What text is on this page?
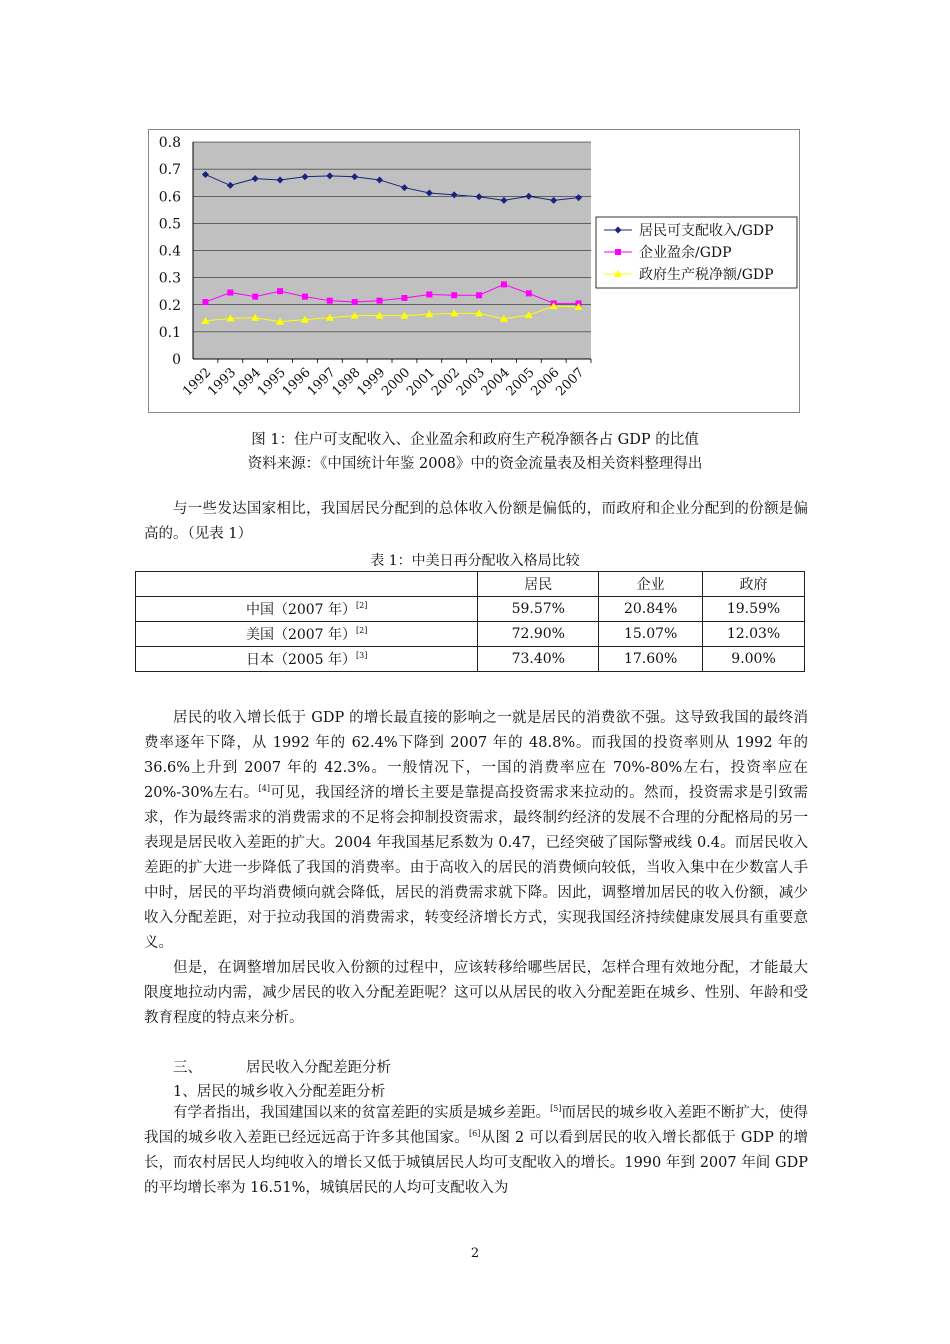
0
0.1
0.2
0.3
0.4
0.5
0.6
0.7
0.8
1992
1993
1994
1995
1996
1997
1998
1999
2000
2001
2002
2003
2004
2005
2006
2007
居民可支配收入/GDP
企业盈余/GDP
政府生产税净额/GDP
图 1：住户可支配收入、企业盈余和政府生产税净额各占 GDP 的比值
资料来源：《中国统计年鉴 2008》中的资金流量表及相关资料整理得出

与一些发达国家相比，我国居民分配到的总体收入份额是偏低的，而政府和企业分配到的份额是偏高的。（见表 1）

表 1：中美日再分配收入格局比较
	居民	企业	政府
中国（2007 年）[2]	59.57%	20.84%	19.59%
美国（2007 年）[2]	72.90%	15.07%	12.03%
日本（2005 年）[3]	73.40%	17.60%	9.00%

居民的收入增长低于 GDP 的增长最直接的影响之一就是居民的消费欲不强。这导致我国的最终消费率逐年下降，从 1992 年的 62.4%下降到 2007 年的 48.8%。而我国的投资率则从 1992 年的 36.6%上升到 2007 年的 42.3%。一般情况下，一国的消费率应在 70%-80%左右，投资率应在 20%-30%左右。[4]可见，我国经济的增长主要是靠提高投资需求来拉动的。然而，投资需求是引致需求，作为最终需求的消费需求的不足将会抑制投资需求，最终制约经济的发展不合理的分配格局的另一表现是居民收入差距的扩大。2004 年我国基尼系数为 0.47，已经突破了国际警戒线 0.4。而居民收入差距的扩大进一步降低了我国的消费率。由于高收入的居民的消费倾向较低，当收入集中在少数富人手中时，居民的平均消费倾向就会降低，居民的消费需求就下降。因此，调整增加居民的收入份额，减少收入分配差距，对于拉动我国的消费需求，转变经济增长方式，实现我国经济持续健康发展具有重要意义。

但是，在调整增加居民收入份额的过程中，应该转移给哪些居民，怎样合理有效地分配，才能最大限度地拉动内需，减少居民的收入分配差距呢？这可以从居民的收入分配差距在城乡、性别、年龄和受教育程度的特点来分析。

三、	居民收入分配差距分析
1、居民的城乡收入分配差距分析

有学者指出，我国建国以来的贫富差距的实质是城乡差距。[5]而居民的城乡收入差距不断扩大，使得我国的城乡收入差距已经远远高于许多其他国家。[6]从图 2 可以看到居民的收入增长都低于 GDP 的增长，而农村居民人均纯收入的增长又低于城镇居民人均可支配收入的增长。1990 年到 2007 年间 GDP 的平均增长率为 16.51%，城镇居民的人均可支配收入为

2
